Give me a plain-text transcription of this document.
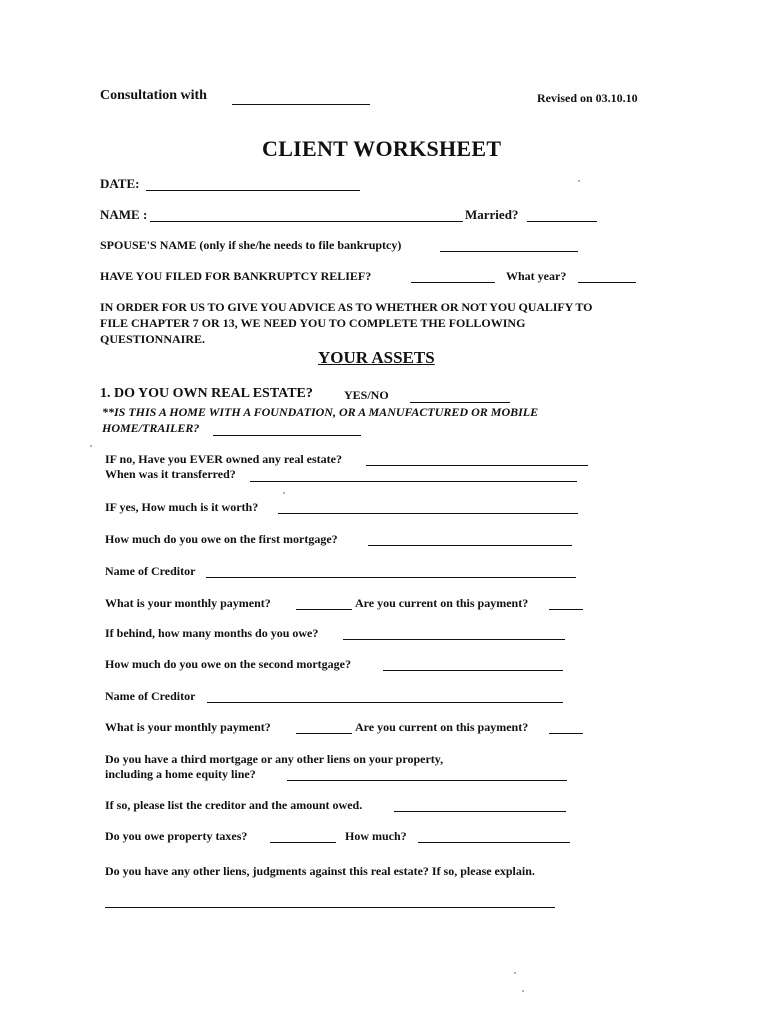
Consultation with	Revised on 03.10.10
CLIENT WORKSHEET
DATE:
NAME :	Married?
SPOUSE'S NAME (only if she/he needs to file bankruptcy)
HAVE YOU FILED FOR BANKRUPTCY RELIEF?	What year?
IN ORDER FOR US TO GIVE YOU ADVICE AS TO WHETHER OR NOT YOU QUALIFY TO
FILE CHAPTER 7 OR 13, WE NEED YOU TO COMPLETE THE FOLLOWING
QUESTIONNAIRE.
YOUR ASSETS
1. DO YOU OWN REAL ESTATE?	YES/NO
**IS THIS A HOME WITH A FOUNDATION, OR A MANUFACTURED OR MOBILE
HOME/TRAILER?
IF no, Have you EVER owned any real estate?
When was it transferred?
IF yes, How much is it worth?
How much do you owe on the first mortgage?
Name of Creditor
What is your monthly payment?	Are you current on this payment?
If behind, how many months do you owe?
How much do you owe on the second mortgage?
Name of Creditor
What is your monthly payment?	Are you current on this payment?
Do you have a third mortgage or any other liens on your property,
including a home equity line?
If so, please list the creditor and the amount owed.
Do you owe property taxes?	How much?
Do you have any other liens, judgments against this real estate? If so, please explain.
